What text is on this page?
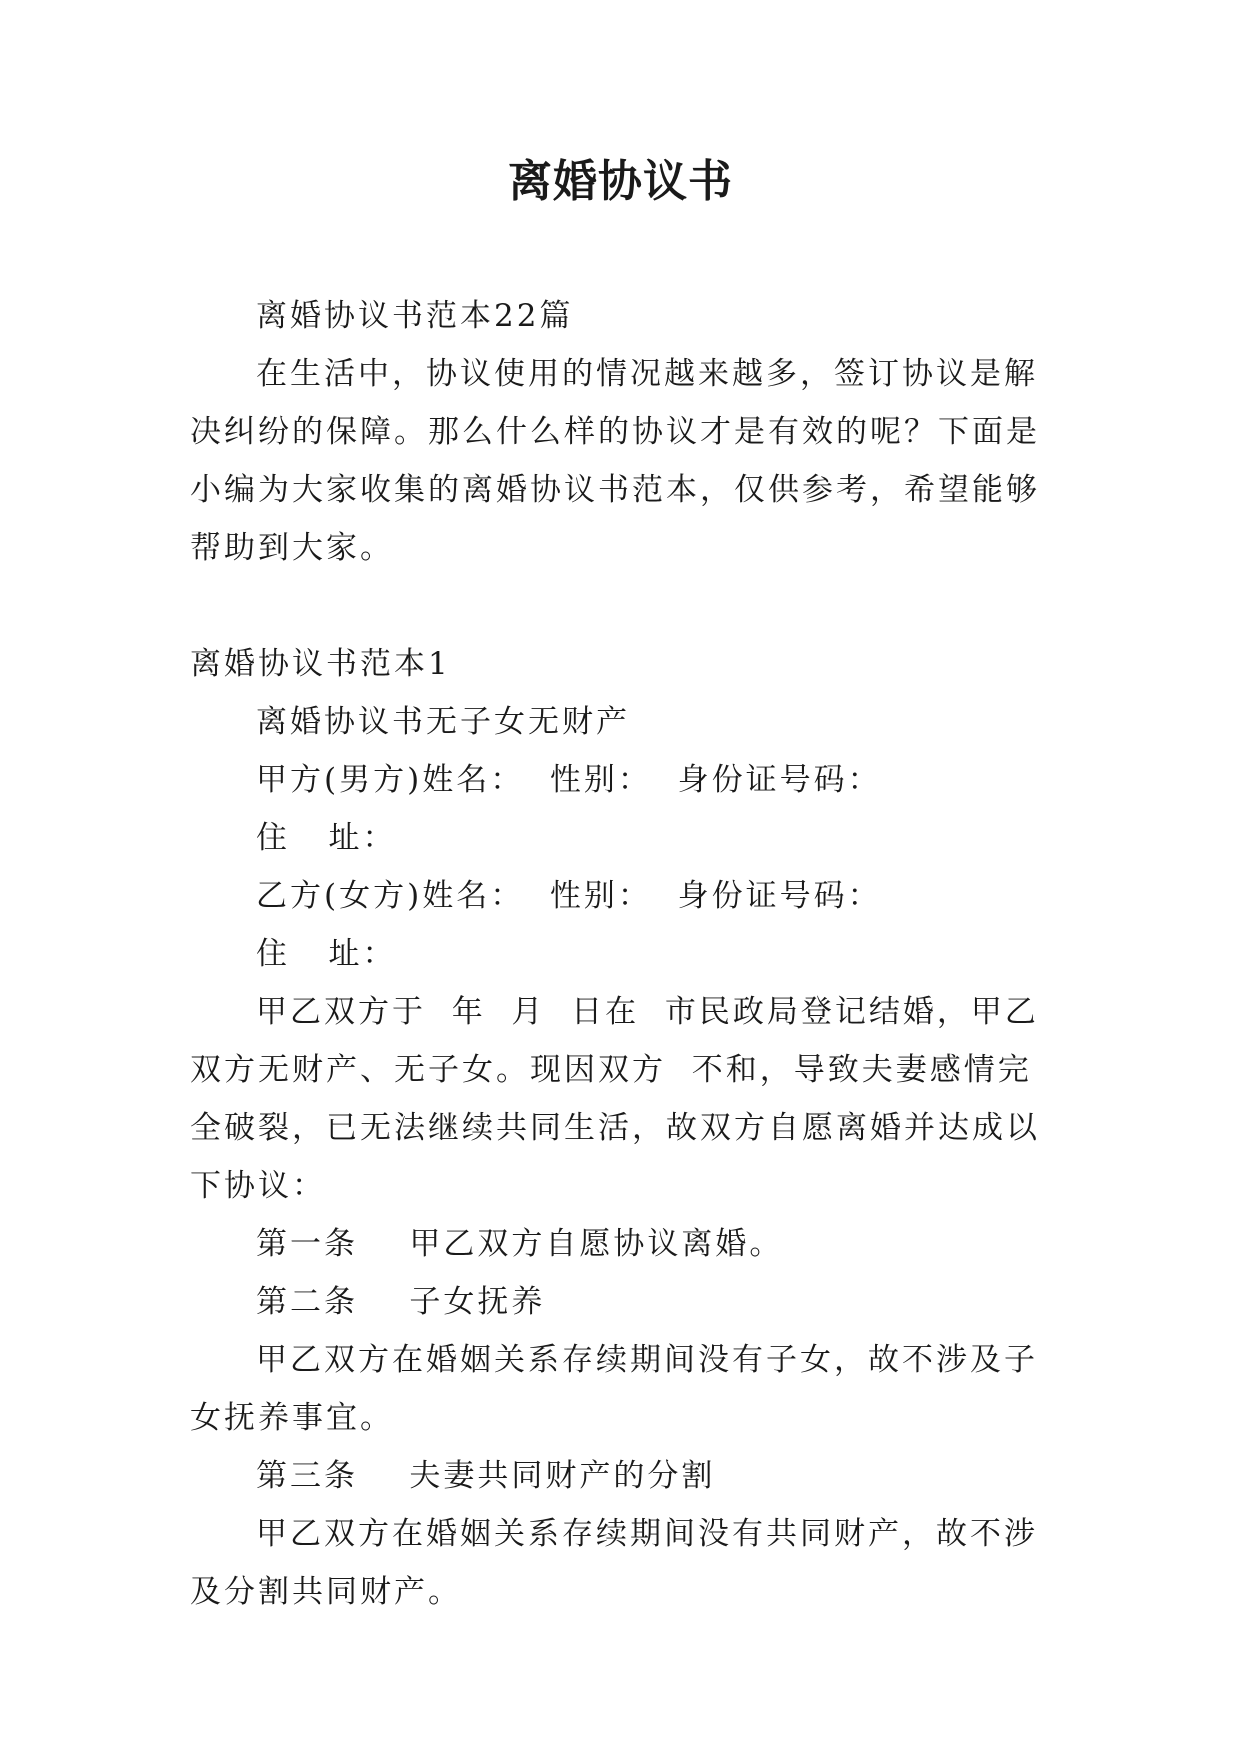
离婚协议书

离婚协议书范本22篇

在生活中，协议使用的情况越来越多，签订协议是解决纠纷的保障。那么什么样的协议才是有效的呢？下面是小编为大家收集的离婚协议书范本，仅供参考，希望能够帮助到大家。

离婚协议书范本1

离婚协议书无子女无财产

甲方(男方)姓名：  性别：  身份证号码：

住   址：

乙方(女方)姓名：  性别：  身份证号码：

住   址：

甲乙双方于  年  月  日在  市民政局登记结婚，甲乙双方无财产、无子女。现因双方  不和，导致夫妻感情完全破裂，已无法继续共同生活，故双方自愿离婚并达成以下协议：

第一条    甲乙双方自愿协议离婚。

第二条    子女抚养

甲乙双方在婚姻关系存续期间没有子女，故不涉及子女抚养事宜。

第三条    夫妻共同财产的分割

甲乙双方在婚姻关系存续期间没有共同财产，故不涉及分割共同财产。
